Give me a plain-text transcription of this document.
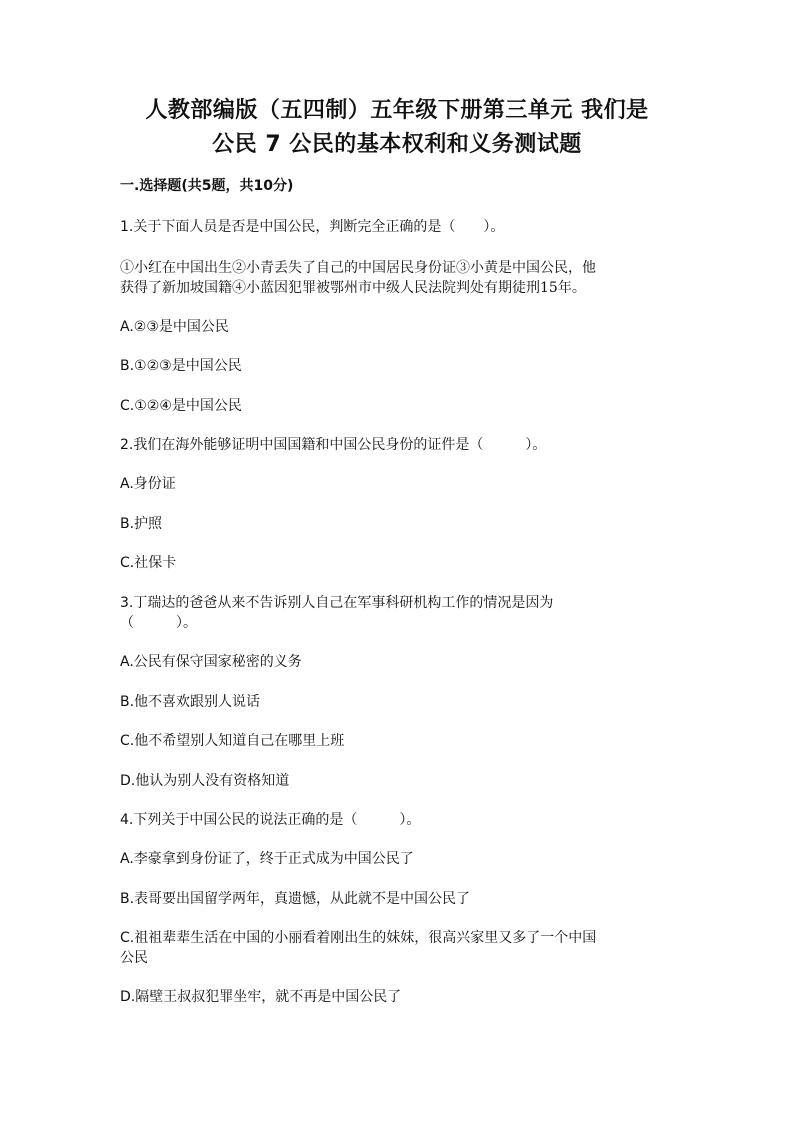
人教部编版（五四制）五年级下册第三单元 我们是
公民 7 公民的基本权利和义务测试题
一.选择题(共5题，共10分)
1.关于下面人员是否是中国公民，判断完全正确的是（　　）。
①小红在中国出生②小青丢失了自己的中国居民身份证③小黄是中国公民，他
获得了新加坡国籍④小蓝因犯罪被鄂州市中级人民法院判处有期徒刑15年。
A.②③是中国公民
B.①②③是中国公民
C.①②④是中国公民
2.我们在海外能够证明中国国籍和中国公民身份的证件是（　　　）。
A.身份证
B.护照
C.社保卡
3.丁瑞达的爸爸从来不告诉别人自己在军事科研机构工作的情况是因为
（　　　）。
A.公民有保守国家秘密的义务
B.他不喜欢跟别人说话
C.他不希望别人知道自己在哪里上班
D.他认为别人没有资格知道
4.下列关于中国公民的说法正确的是（　　　）。
A.李豪拿到身份证了，终于正式成为中国公民了
B.表哥要出国留学两年，真遗憾，从此就不是中国公民了
C.祖祖辈辈生活在中国的小丽看着刚出生的妹妹，很高兴家里又多了一个中国
公民
D.隔壁王叔叔犯罪坐牢，就不再是中国公民了
